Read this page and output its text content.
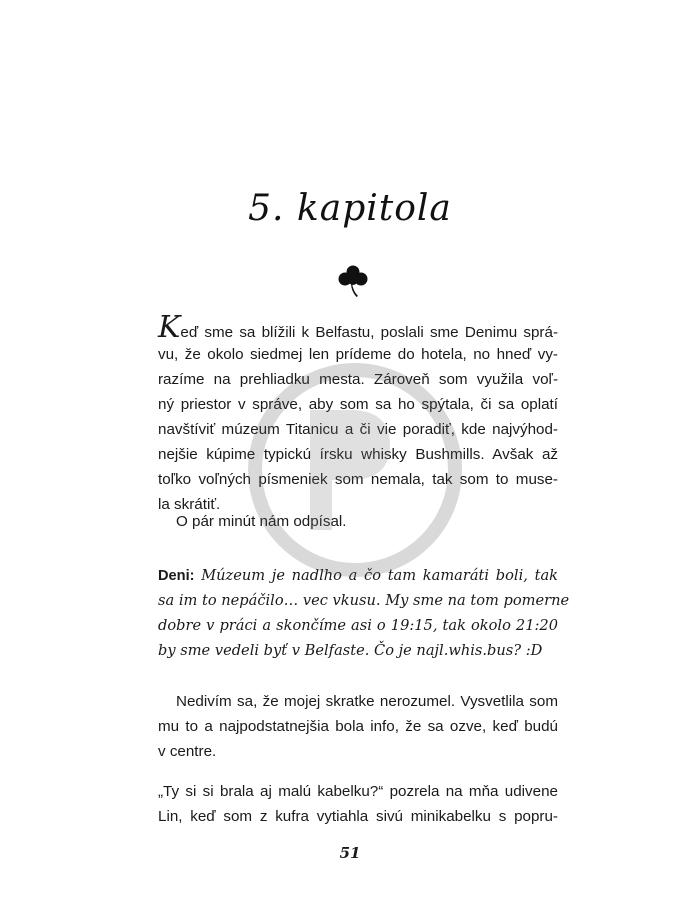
5. kapitola
Keď sme sa blížili k Belfastu, poslali sme Denimu sprá-
vu, že okolo siedmej len prídeme do hotela, no hneď vy-
razíme na prehliadku mesta. Zároveň som využila voľ-
ný priestor v správe, aby som sa ho spýtala, či sa oplatí
navštíviť múzeum Titanicu a či vie poradiť, kde najvýhod-
nejšie kúpime typickú írsku whisky Bushmills. Avšak až
toľko voľných písmeniek som nemala, tak som to muse-
la skrátiť.
O pár minút nám odpísal.
Deni: Múzeum je nadlho a čo tam kamaráti boli, tak
sa im to nepáčilo… vec vkusu. My sme na tom pomerne
dobre v práci a skončíme asi o 19:15, tak okolo 21:20
by sme vedeli byť v Belfaste. Čo je najl.whis.bus? :D
Nedivím sa, že mojej skratke nerozumel. Vysvetlila som
mu to a najpodstatnejšia bola info, že sa ozve, keď budú
v centre.
„Ty si si brala aj malú kabelku?“ pozrela na mňa udivene
Lin, keď som z kufra vytiahla sivú minikabelku s popru-
51
